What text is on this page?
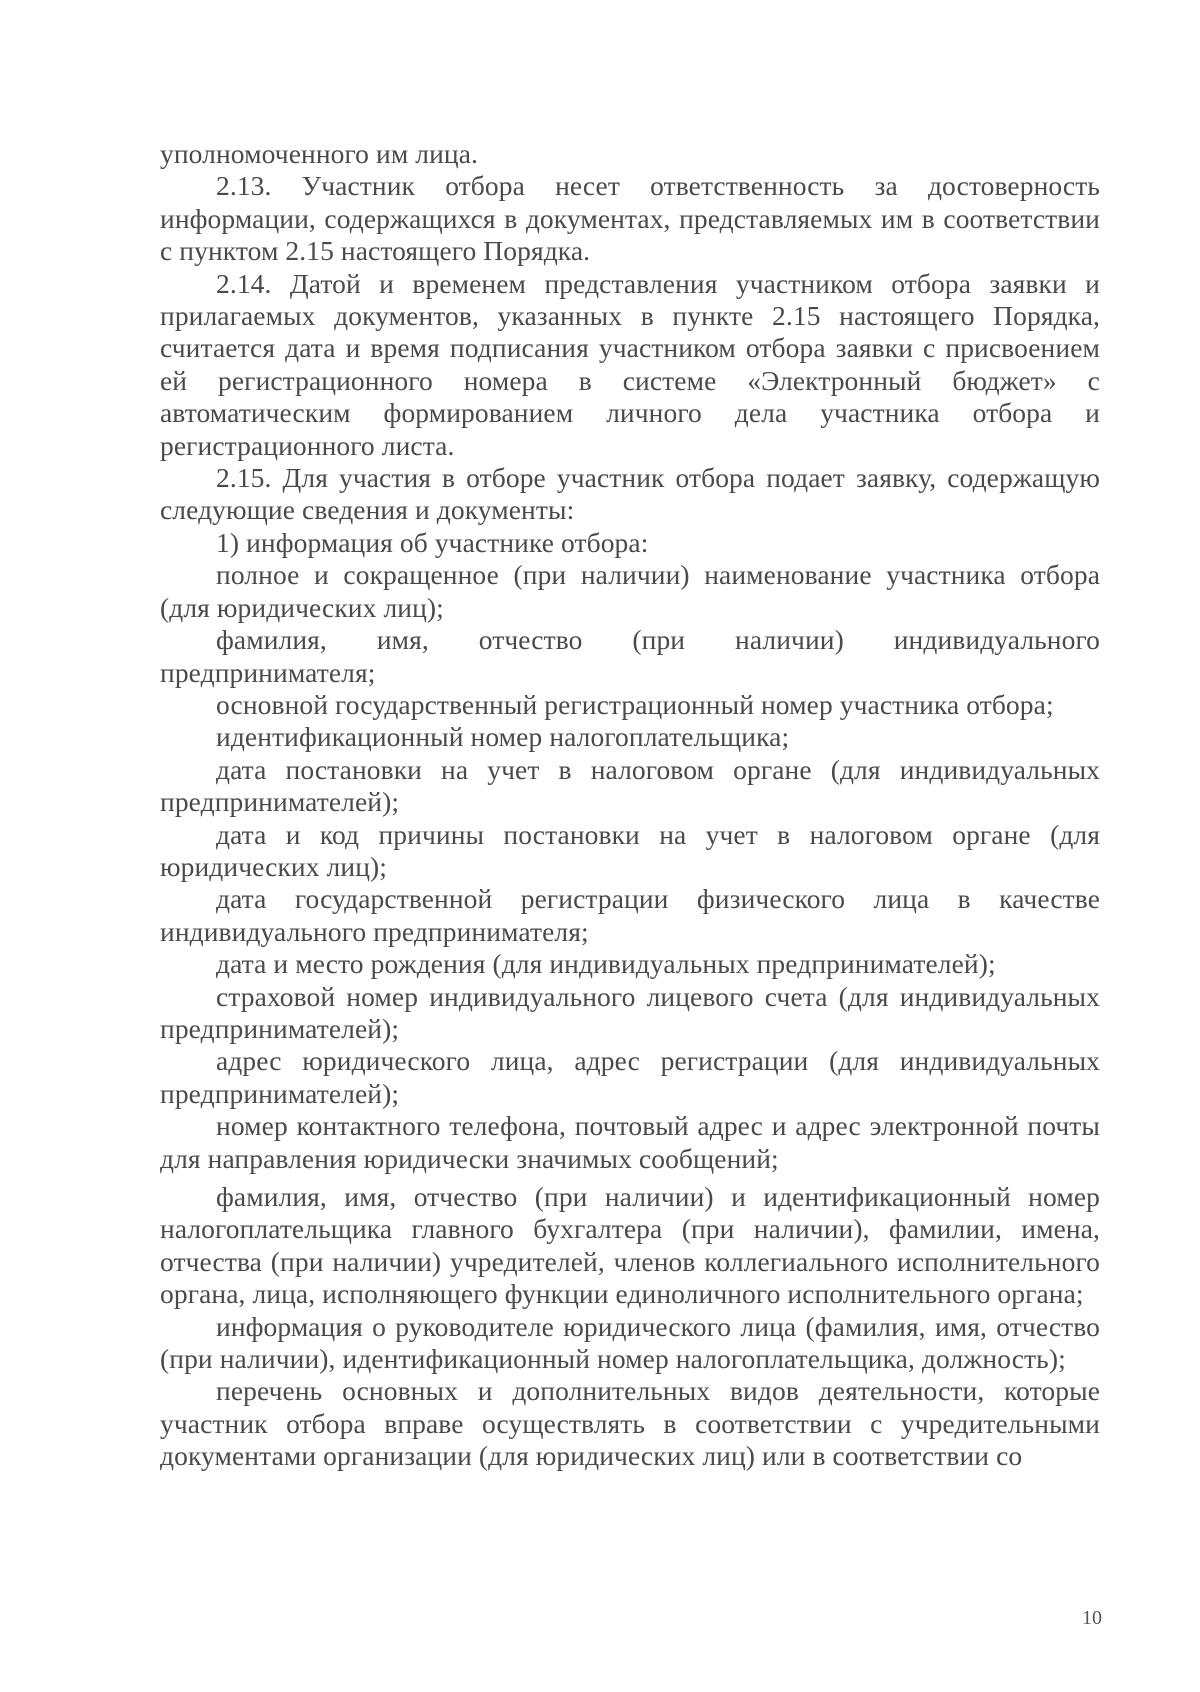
уполномоченного им лица.

2.13. Участник отбора несет ответственность за достоверность информации, содержащихся в документах, представляемых им в соответствии с пунктом 2.15 настоящего Порядка.

2.14. Датой и временем представления участником отбора заявки и прилагаемых документов, указанных в пункте 2.15 настоящего Порядка, считается дата и время подписания участником отбора заявки с присвоением ей регистрационного номера в системе «Электронный бюджет» с автоматическим формированием личного дела участника отбора и регистрационного листа.

2.15. Для участия в отборе участник отбора подает заявку, содержащую следующие сведения и документы:

1) информация об участнике отбора:

полное и сокращенное (при наличии) наименование участника отбора (для юридических лиц);

фамилия, имя, отчество (при наличии) индивидуального предпринимателя;

основной государственный регистрационный номер участника отбора;

идентификационный номер налогоплательщика;

дата постановки на учет в налоговом органе (для индивидуальных предпринимателей);

дата и код причины постановки на учет в налоговом органе (для юридических лиц);

дата государственной регистрации физического лица в качестве индивидуального предпринимателя;

дата и место рождения (для индивидуальных предпринимателей);

страховой номер индивидуального лицевого счета (для индивидуальных предпринимателей);

адрес юридического лица, адрес регистрации (для индивидуальных предпринимателей);

номер контактного телефона, почтовый адрес и адрес электронной почты для направления юридически значимых сообщений;

фамилия, имя, отчество (при наличии) и идентификационный номер налогоплательщика главного бухгалтера (при наличии), фамилии, имена, отчества (при наличии) учредителей, членов коллегиального исполнительного органа, лица, исполняющего функции единоличного исполнительного органа;

информация о руководителе юридического лица (фамилия, имя, отчество (при наличии), идентификационный номер налогоплательщика, должность);

перечень основных и дополнительных видов деятельности, которые участник отбора вправе осуществлять в соответствии с учредительными документами организации (для юридических лиц) или в соответствии со

10
